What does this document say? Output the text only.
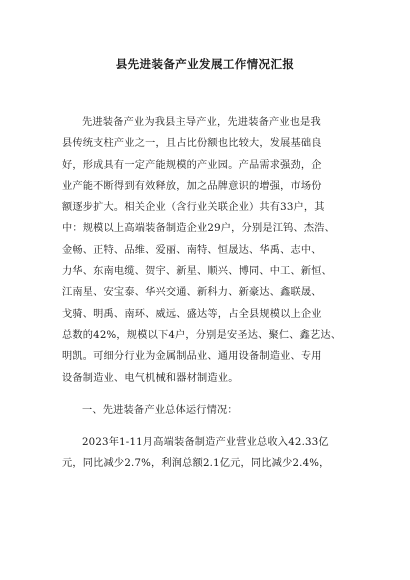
县先进装备产业发展工作情况汇报
先进装备产业为我县主导产业，先进装备产业也是我
县传统支柱产业之一，且占比份额也比较大，发展基础良
好，形成具有一定产能规模的产业园。产品需求强劲，企
业产能不断得到有效释放，加之品牌意识的增强，市场份
额逐步扩大。相关企业（含行业关联企业）共有33户，其
中：规模以上高端装备制造企业29户，分别是江钨、杰浩、
金畅、正特、品维、爱丽、南特、恒晟达、华禹、志中、
力华、东南电缆、贺宇、新星、顺兴、博同、中工、新恒、
江南星、安宝泰、华兴交通、新科力、新豪达、鑫联晟、
戈骑、明禹、南环、威远、盛达等，占全县规模以上企业
总数的42%，规模以下4户，分别是安圣达、聚仁、鑫艺达、
明凯。可细分行业为金属制品业、通用设备制造业、专用
设备制造业、电气机械和器材制造业。
一、先进装备产业总体运行情况：
2023年1-11月高端装备制造产业营业总收入42.33亿
元，同比减少2.7%，利润总额2.1亿元，同比减少2.4%，
